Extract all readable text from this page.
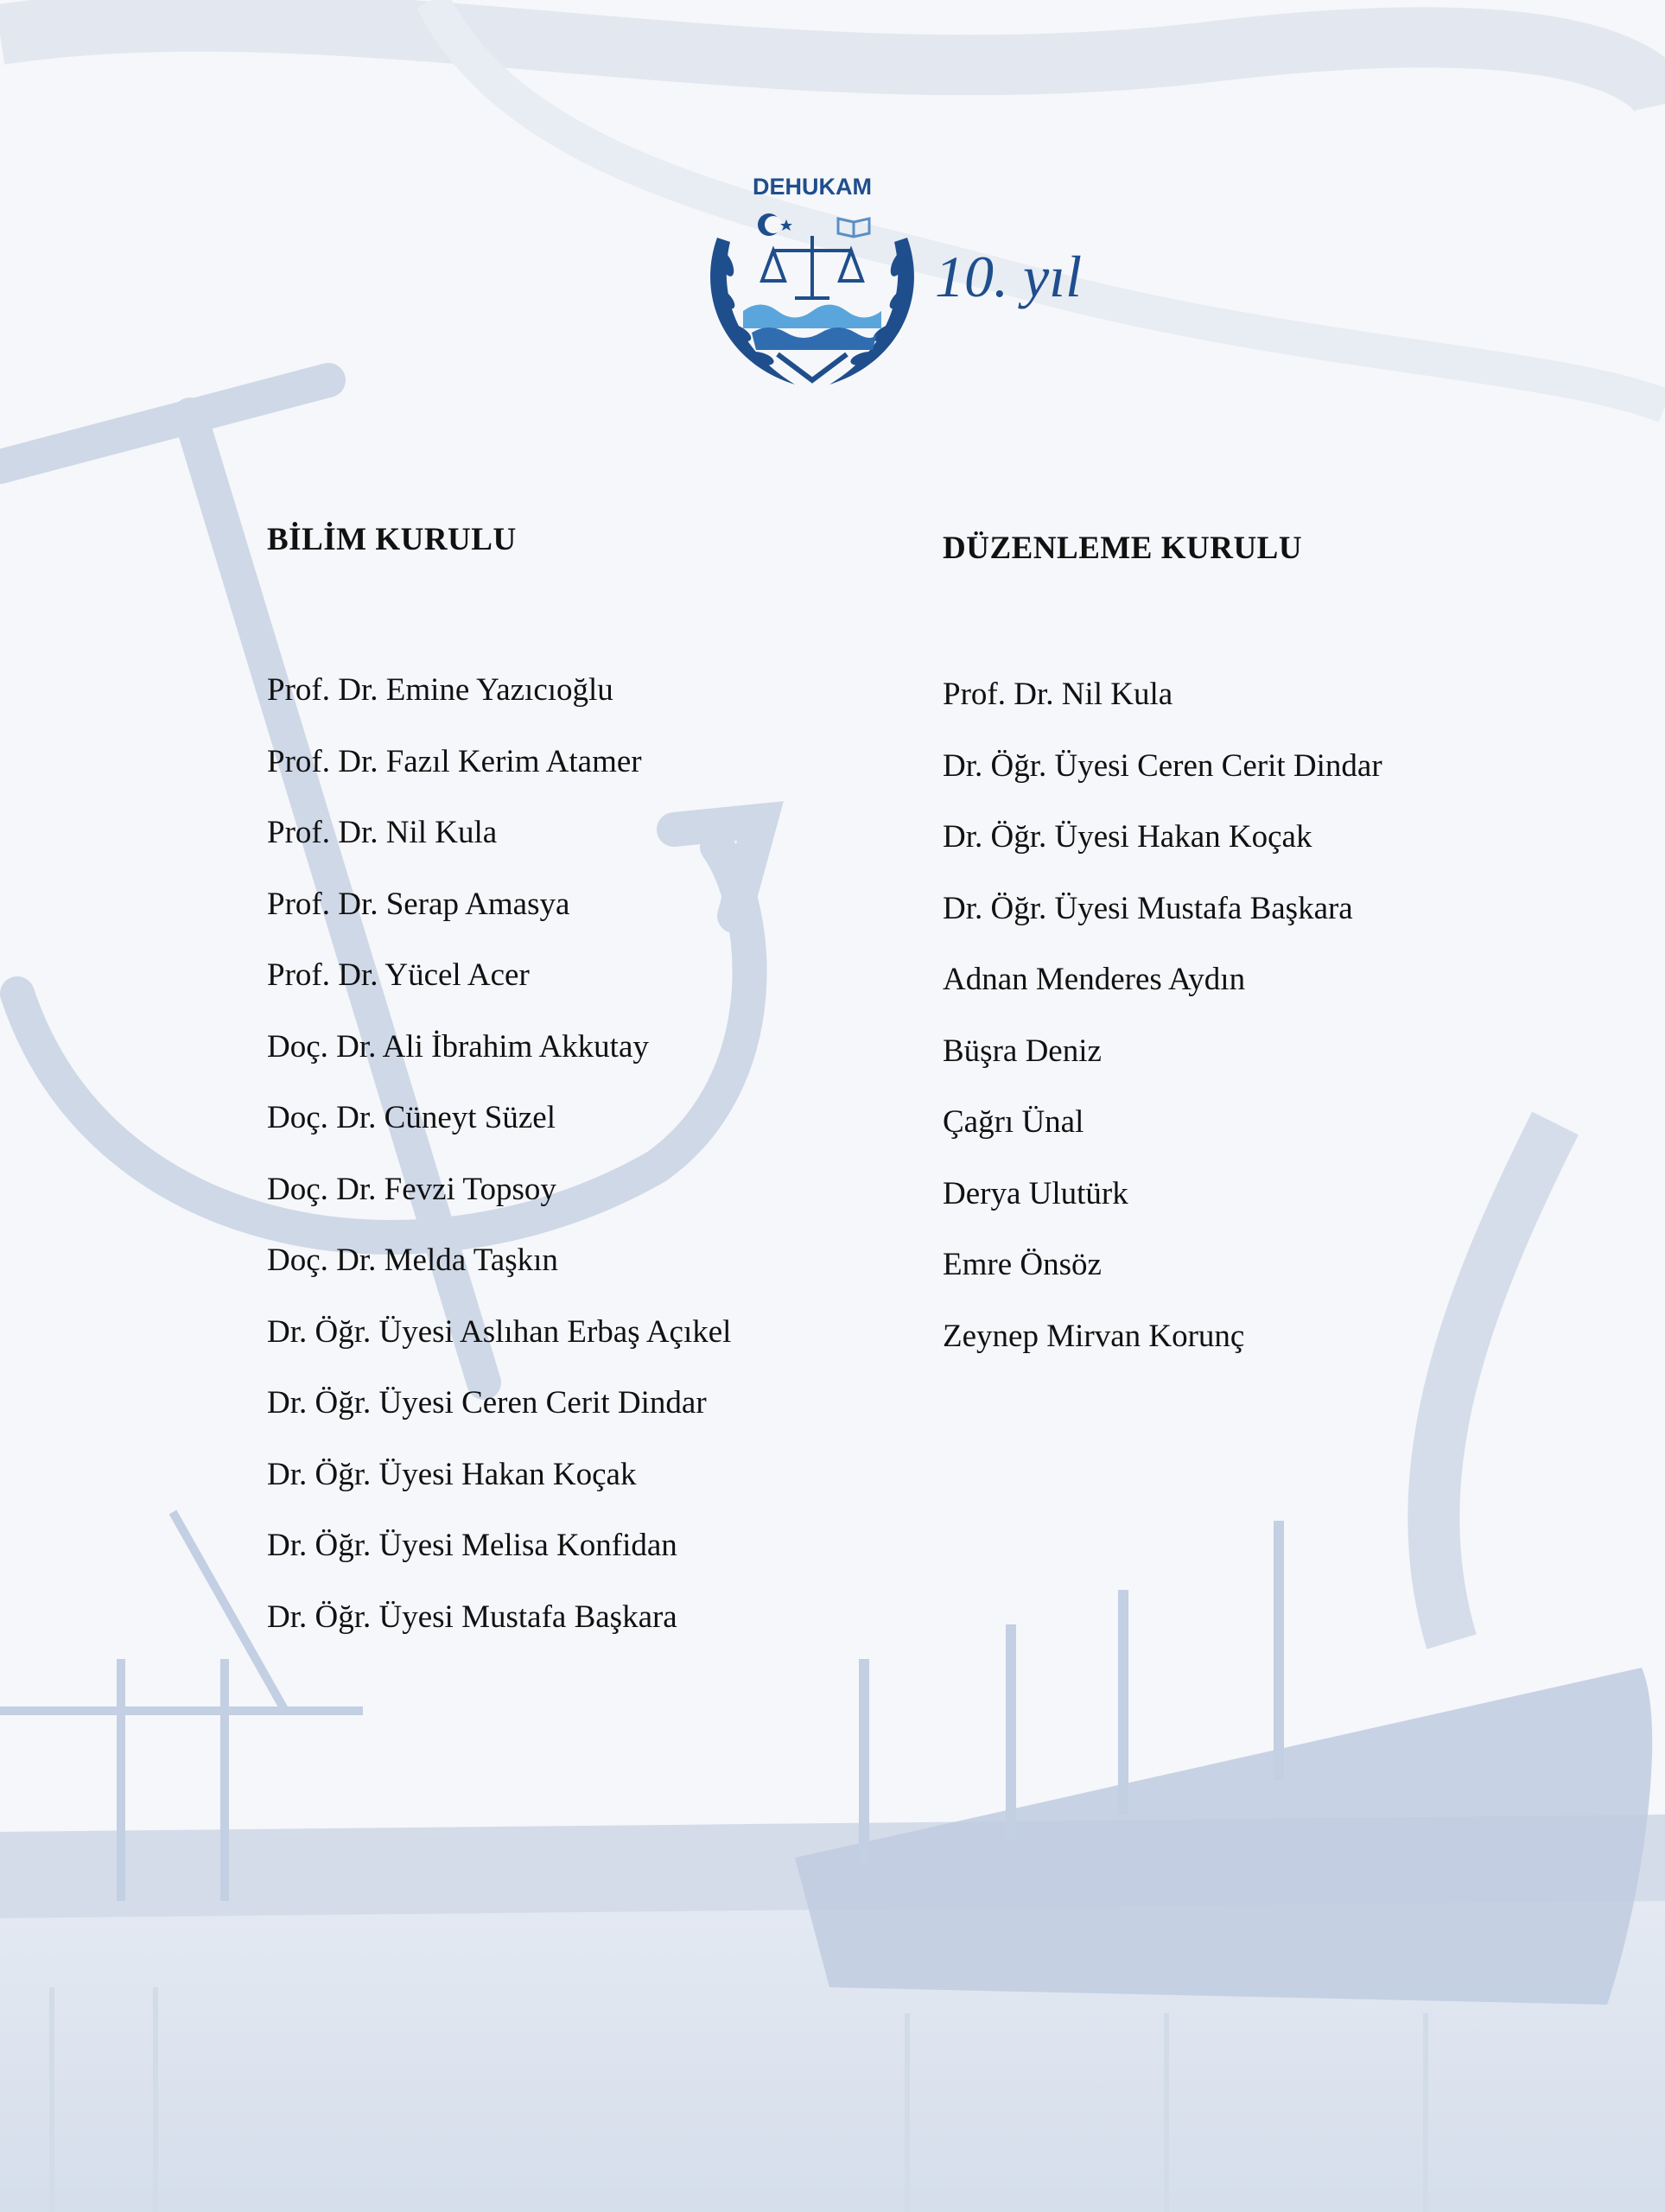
DEHUKAM
10. yıl
BİLİM KURULU
Prof. Dr. Emine Yazıcıoğlu
Prof. Dr. Fazıl Kerim Atamer
Prof. Dr. Nil Kula
Prof. Dr. Serap Amasya
Prof. Dr. Yücel Acer
Doç. Dr. Ali İbrahim Akkutay
Doç. Dr. Cüneyt Süzel
Doç. Dr. Fevzi Topsoy
Doç. Dr. Melda Taşkın
Dr. Öğr. Üyesi Aslıhan Erbaş Açıkel
Dr. Öğr. Üyesi Ceren Cerit Dindar
Dr. Öğr. Üyesi Hakan Koçak
Dr. Öğr. Üyesi Melisa Konfidan
Dr. Öğr. Üyesi Mustafa Başkara
DÜZENLEME KURULU
Prof. Dr. Nil Kula
Dr. Öğr. Üyesi Ceren Cerit Dindar
Dr. Öğr. Üyesi Hakan Koçak
Dr. Öğr. Üyesi Mustafa Başkara
Adnan Menderes Aydın
Büşra Deniz
Çağrı Ünal
Derya Ulutürk
Emre Önsöz
Zeynep Mirvan Korunç
